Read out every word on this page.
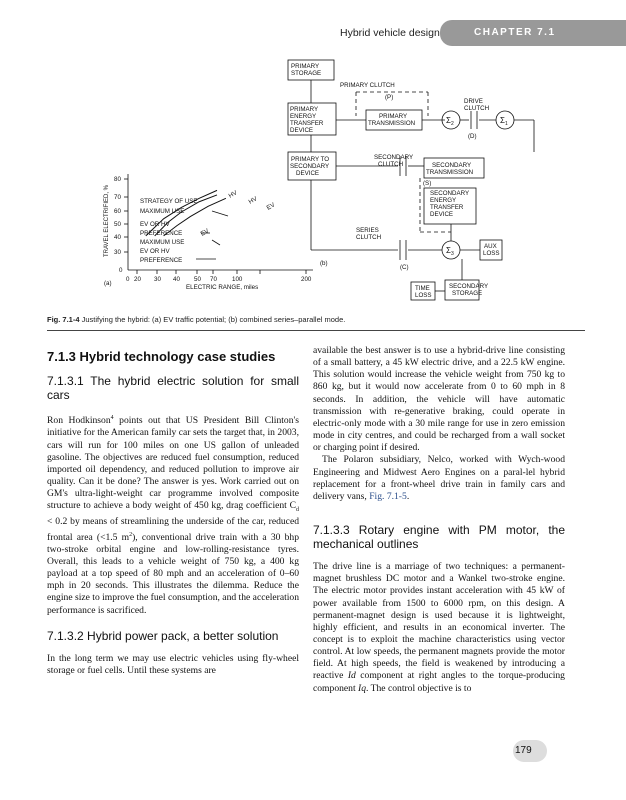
Hybrid vehicle design	CHAPTER 7.1
TRAVEL ELECTRIFIED, %
80
70
60
50
40
30
0
0 20 30 40 50 70 100	200
(a)
ELECTRIC RANGE, miles
STRATEGY OF USE
MAXIMUM USE
EV OR HV
PREFERENCE
MAXIMUM USE
EV OR HV
PREFERENCE
EV
HV
HV
EV
PRIMARY STORAGE
PRIMARY CLUTCH
(P)
DRIVE CLUTCH
PRIMARY ENERGY TRANSFER DEVICE
PRIMARY TRANSMISSION	$\Sigma_2$	$\Sigma_1$
(D)
PRIMARY TO SECONDARY DEVICE
SECONDARY CLUTCH	SECONDARY TRANSMISSION
(S)
SECONDARY ENERGY TRANSFER DEVICE
SERIES CLUTCH
$\Sigma_3$
AUX LOSS
(b)
(C)
TIME LOSS
SECONDARY STORAGE
Fig. 7.1-4 Justifying the hybrid: (a) EV traffic potential; (b) combined series–parallel mode.
7.1.3 Hybrid technology case studies
7.1.3.1 The hybrid electric solution for small cars

Ron Hodkinson$^4$ points out that US President Bill Clinton's initiative for the American family car sets the target that, in 2003, cars will run for 100 miles on one US gallon of unleaded gasoline. The objectives are reduced fuel consumption, reduced imported oil dependency, and reduced pollution to improve air quality. Can it be done? The answer is yes. Work carried out on GM's ultra-light-weight car programme involved composite structure to achieve a body weight of 450 kg, drag coefficient $C_d < 0.2$ by means of streamlining the underside of the car, reduced frontal area (<1.5 $m^2$), conventional drive train with a 30 bhp two-stroke orbital engine and low-rolling-resistance tyres. Overall, this leads to a vehicle weight of 750 kg, a 400 kg payload at a top speed of 80 mph and an acceleration of 0–60 mph in 20 seconds. This illustrates the dilemma. Reduce the engine size to improve the fuel consumption, and the acceleration performance is sacrificed.

7.1.3.2 Hybrid power pack, a better solution

In the long term we may use electric vehicles using fly-wheel storage or fuel cells. Until these systems are

available the best answer is to use a hybrid-drive line consisting of a small battery, a 45 kW electric drive, and a 22.5 kW engine. This solution would increase the vehicle weight from 750 kg to 860 kg, but it would now accelerate from 0 to 60 mph in 8 seconds. In addition, the vehicle will have automatic transmission with re-generative braking, could operate in electric-only mode with a 30 mile range for use in zero emission mode in city centres, and could be recharged from a wall socket or charging point if desired.

The Polaron subsidiary, Nelco, worked with Wych-wood Engineering and Midwest Aero Engines on a paral-lel hybrid replacement for a front-wheel drive train in family cars and delivery vans, Fig. 7.1-5.

7.1.3.3 Rotary engine with PM motor, the mechanical outlines

The drive line is a marriage of two techniques: a permanent-magnet brushless DC motor and a Wankel two-stroke engine. The electric motor provides instant acceleration with 45 kW of power available from 1500 to 6000 rpm, on this design. A permanent-magnet design is used because it is lightweight, highly efficient, and results in an economical inverter. The concept is to exploit the machine characteristics using vector control. At low speeds, the permanent magnets provide the motor field. At high speeds, the field is weakened by introducing a reactive Id component at right angles to the torque-producing component Iq. The control objective is to

179
